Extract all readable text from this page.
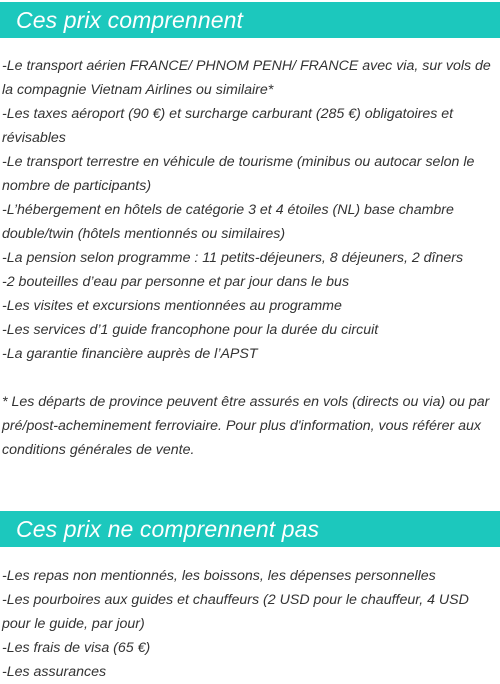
Ces prix comprennent
-Le transport aérien FRANCE/ PHNOM PENH/ FRANCE avec via, sur vols de la compagnie Vietnam Airlines ou similaire*
-Les taxes aéroport (90 €) et surcharge carburant (285 €) obligatoires et révisables
-Le transport terrestre en véhicule de tourisme (minibus ou autocar selon le nombre de participants)
-L’hébergement en hôtels de catégorie 3 et 4 étoiles (NL) base chambre double/twin (hôtels mentionnés ou similaires)
-La pension selon programme : 11 petits-déjeuners, 8 déjeuners, 2 dîners
-2 bouteilles d’eau par personne et par jour dans le bus
-Les visites et excursions mentionnées au programme
-Les services d’1 guide francophone pour la durée du circuit
-La garantie financière auprès de l’APST

* Les départs de province peuvent être assurés en vols (directs ou via) ou par pré/post-acheminement ferroviaire. Pour plus d'information, vous référer aux conditions générales de vente.

Ces prix ne comprennent pas
-Les repas non mentionnés, les boissons, les dépenses personnelles
-Les pourboires aux guides et chauffeurs (2 USD pour le chauffeur, 4 USD pour le guide, par jour)
-Les frais de visa (65 €)
-Les assurances
